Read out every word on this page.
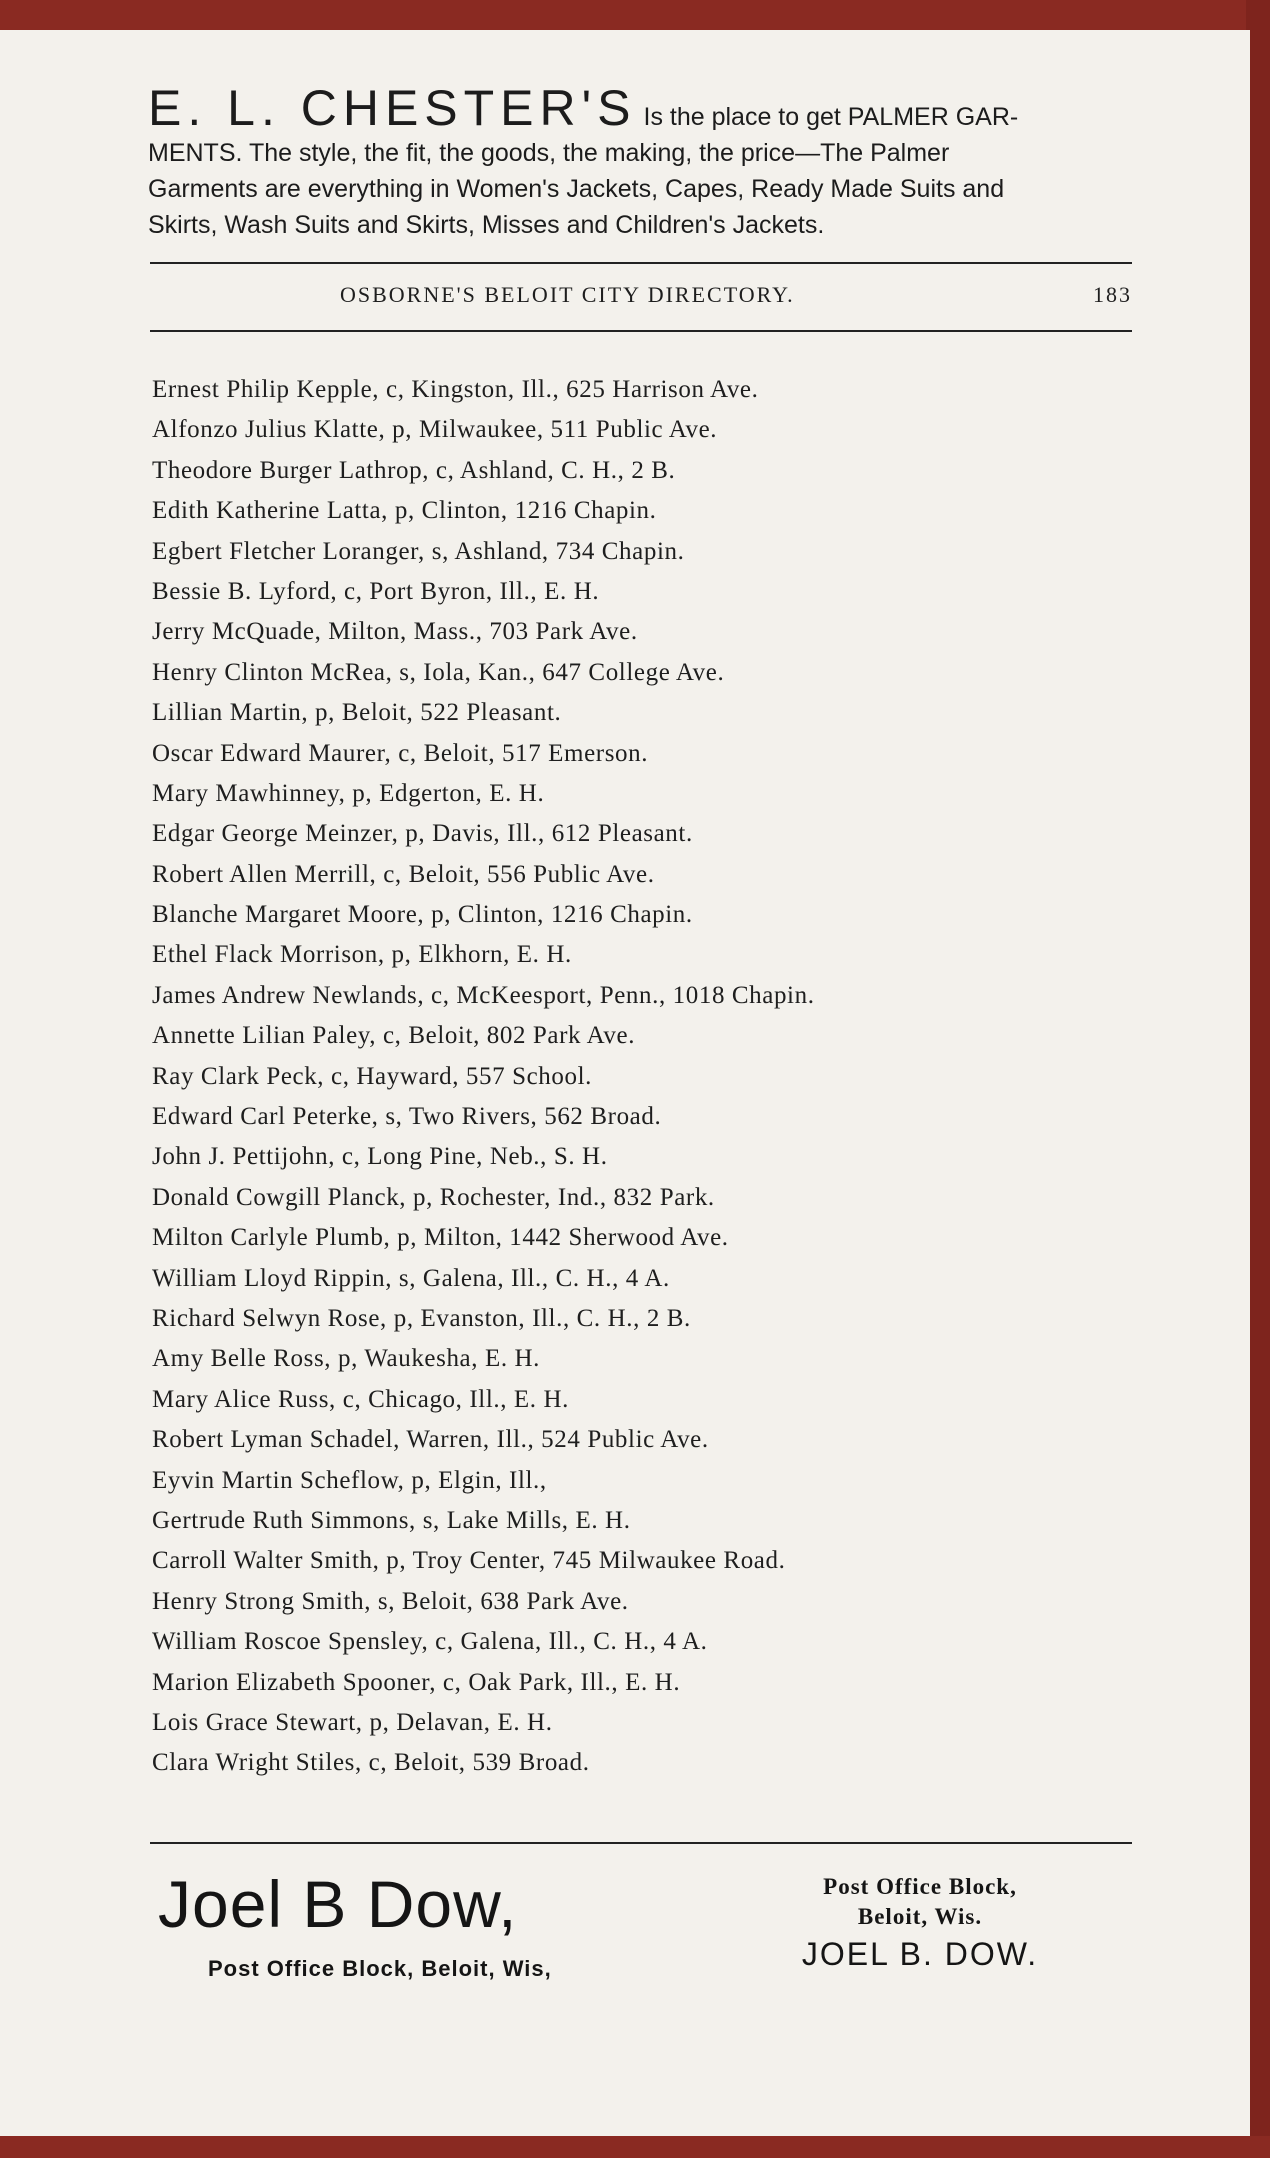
E. L. CHESTER'S Is the place to get PALMER GAR-
MENTS. The style, the fit, the goods, the making, the price—The Palmer
Garments are everything in Women's Jackets, Capes, Ready Made Suits and
Skirts, Wash Suits and Skirts, Misses and Children's Jackets.
OSBORNE'S BELOIT CITY DIRECTORY.	183
Ernest Philip Kepple, c, Kingston, Ill., 625 Harrison Ave.
Alfonzo Julius Klatte, p, Milwaukee, 511 Public Ave.
Theodore Burger Lathrop, c, Ashland, C. H., 2 B.
Edith Katherine Latta, p, Clinton, 1216 Chapin.
Egbert Fletcher Loranger, s, Ashland, 734 Chapin.
Bessie B. Lyford, c, Port Byron, Ill., E. H.
Jerry McQuade, Milton, Mass., 703 Park Ave.
Henry Clinton McRea, s, Iola, Kan., 647 College Ave.
Lillian Martin, p, Beloit, 522 Pleasant.
Oscar Edward Maurer, c, Beloit, 517 Emerson.
Mary Mawhinney, p, Edgerton, E. H.
Edgar George Meinzer, p, Davis, Ill., 612 Pleasant.
Robert Allen Merrill, c, Beloit, 556 Public Ave.
Blanche Margaret Moore, p, Clinton, 1216 Chapin.
Ethel Flack Morrison, p, Elkhorn, E. H.
James Andrew Newlands, c, McKeesport, Penn., 1018 Chapin.
Annette Lilian Paley, c, Beloit, 802 Park Ave.
Ray Clark Peck, c, Hayward, 557 School.
Edward Carl Peterke, s, Two Rivers, 562 Broad.
John J. Pettijohn, c, Long Pine, Neb., S. H.
Donald Cowgill Planck, p, Rochester, Ind., 832 Park.
Milton Carlyle Plumb, p, Milton, 1442 Sherwood Ave.
William Lloyd Rippin, s, Galena, Ill., C. H., 4 A.
Richard Selwyn Rose, p, Evanston, Ill., C. H., 2 B.
Amy Belle Ross, p, Waukesha, E. H.
Mary Alice Russ, c, Chicago, Ill., E. H.
Robert Lyman Schadel, Warren, Ill., 524 Public Ave.
Eyvin Martin Scheflow, p, Elgin, Ill.,
Gertrude Ruth Simmons, s, Lake Mills, E. H.
Carroll Walter Smith, p, Troy Center, 745 Milwaukee Road.
Henry Strong Smith, s, Beloit, 638 Park Ave.
William Roscoe Spensley, c, Galena, Ill., C. H., 4 A.
Marion Elizabeth Spooner, c, Oak Park, Ill., E. H.
Lois Grace Stewart, p, Delavan, E. H.
Clara Wright Stiles, c, Beloit, 539 Broad.
Joel B Dow,
Post Office Block, Beloit, Wis,
Post Office Block,
Beloit, Wis.
JOEL B. DOW.
